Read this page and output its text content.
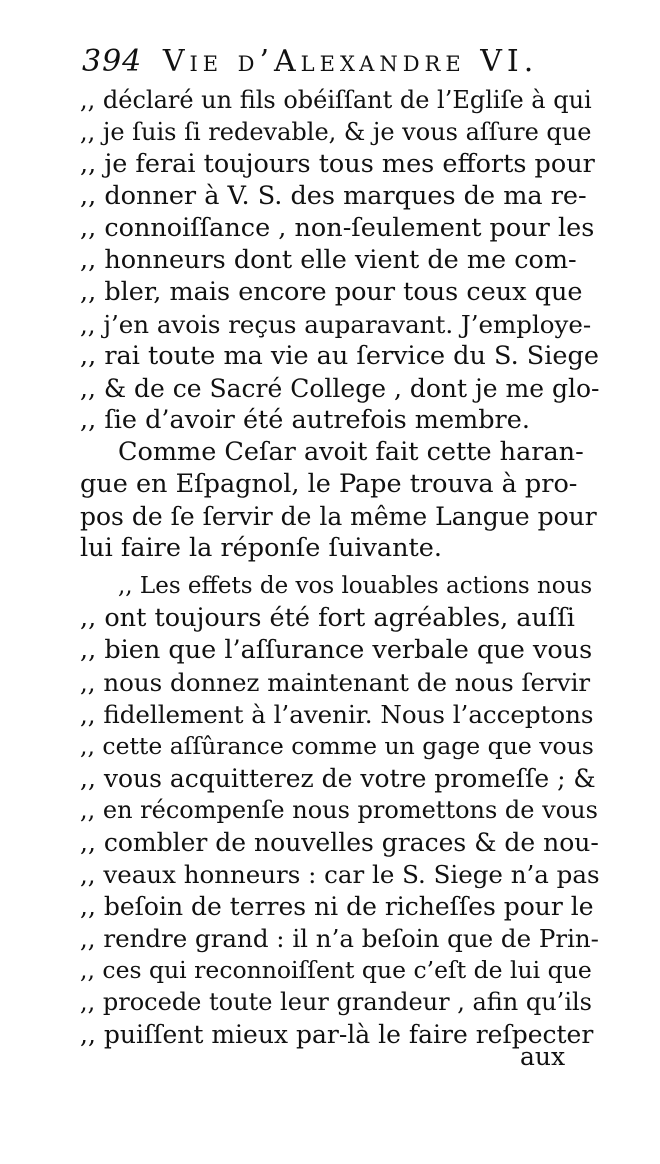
394 Vie d’Alexandre VI.
,, déclaré un fils obéiſſant de l’Egliſe à qui
,, je ſuis ſi redevable, & je vous aſſure que
,, je ferai toujours tous mes efforts pour
,, donner à V. S. des marques de ma re-
,, connoiſſance , non-ſeulement pour les
,, honneurs dont elle vient de me com-
,, bler, mais encore pour tous ceux que
,, j’en avois reçus auparavant. J’employe-
,, rai toute ma vie au ſervice du S. Siege
,, & de ce Sacré College , dont je me glo-
,, ſie d’avoir été autrefois membre.
Comme Ceſar avoit fait cette haran-
gue en Eſpagnol, le Pape trouva à pro-
pos de ſe ſervir de la même Langue pour
lui faire la réponſe ſuivante.
,, Les effets de vos louables actions nous
,, ont toujours été fort agréables, auſſi
,, bien que l’aſſurance verbale que vous
,, nous donnez maintenant de nous ſervir
,, fidellement à l’avenir. Nous l’acceptons
,, cette aſſûrance comme un gage que vous
,, vous acquitterez de votre promeſſe ; &
,, en récompenſe nous promettons de vous
,, combler de nouvelles graces & de nou-
,, veaux honneurs : car le S. Siege n’a pas
,, beſoin de terres ni de richeſſes pour le
,, rendre grand : il n’a beſoin que de Prin-
,, ces qui reconnoiſſent que c’eſt de lui que
,, procede toute leur grandeur , afin qu’ils
,, puiſſent mieux par-là le faire reſpecter
aux
